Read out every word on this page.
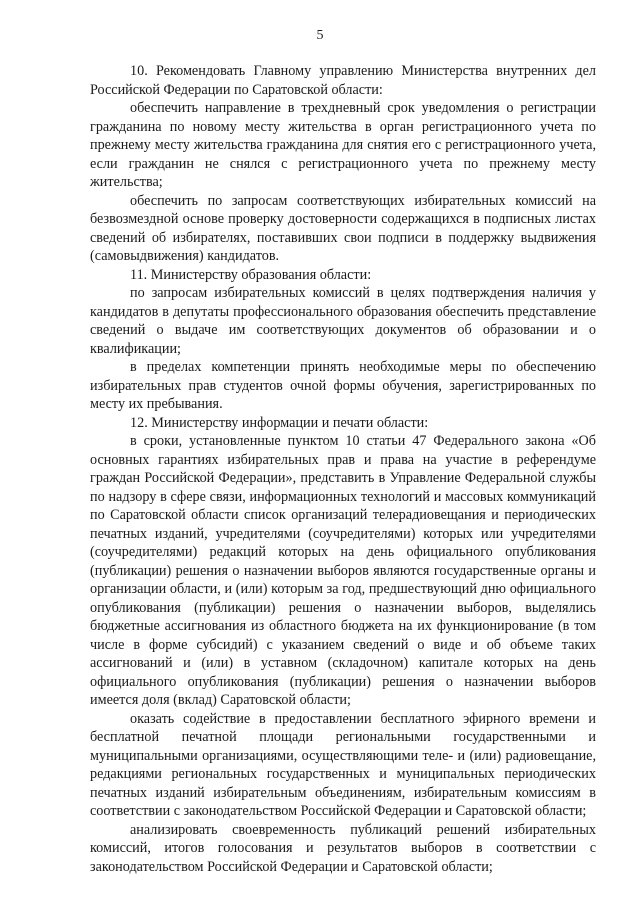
5

10. Рекомендовать Главному управлению Министерства внутренних дел Российской Федерации по Саратовской области:

обеспечить направление в трехдневный срок уведомления о регистрации гражданина по новому месту жительства в орган регистрационного учета по прежнему месту жительства гражданина для снятия его с регистрационного учета, если гражданин не снялся с регистрационного учета по прежнему месту жительства;

обеспечить по запросам соответствующих избирательных комиссий на безвозмездной основе проверку достоверности содержащихся в подписных листах сведений об избирателях, поставивших свои подписи в поддержку выдвижения (самовыдвижения) кандидатов.

11. Министерству образования области:

по запросам избирательных комиссий в целях подтверждения наличия у кандидатов в депутаты профессионального образования обеспечить представление сведений о выдаче им соответствующих документов об образовании и о квалификации;

в пределах компетенции принять необходимые меры по обеспечению избирательных прав студентов очной формы обучения, зарегистрированных по месту их пребывания.

12. Министерству информации и печати области:

в сроки, установленные пунктом 10 статьи 47 Федерального закона «Об основных гарантиях избирательных прав и права на участие в референдуме граждан Российской Федерации», представить в Управление Федеральной службы по надзору в сфере связи, информационных технологий и массовых коммуникаций по Саратовской области список организаций телерадиовещания и периодических печатных изданий, учредителями (соучредителями) которых или учредителями (соучредителями) редакций которых на день официального опубликования (публикации) решения о назначении выборов являются государственные органы и организации области, и (или) которым за год, предшествующий дню официального опубликования (публикации) решения о назначении выборов, выделялись бюджетные ассигнования из областного бюджета на их функционирование (в том числе в форме субсидий) с указанием сведений о виде и об объеме таких ассигнований и (или) в уставном (складочном) капитале которых на день официального опубликования (публикации) решения о назначении выборов имеется доля (вклад) Саратовской области;

оказать содействие в предоставлении бесплатного эфирного времени и бесплатной печатной площади региональными государственными и муниципальными организациями, осуществляющими теле- и (или) радиовещание, редакциями региональных государственных и муниципальных периодических печатных изданий избирательным объединениям, избирательным комиссиям в соответствии с законодательством Российской Федерации и Саратовской области;

анализировать своевременность публикаций решений избирательных комиссий, итогов голосования и результатов выборов в соответствии с законодательством Российской Федерации и Саратовской области;
